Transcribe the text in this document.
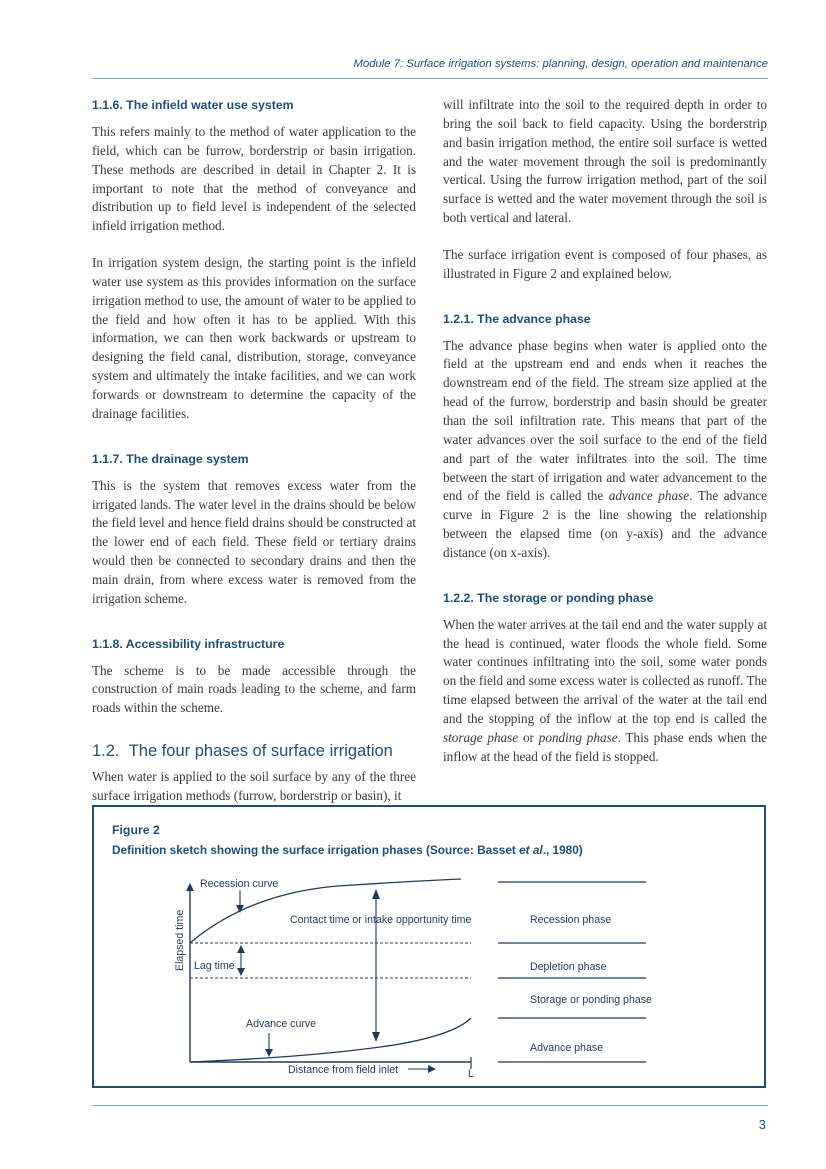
Module 7: Surface irrigation systems: planning, design, operation and maintenance
1.1.6. The infield water use system

This refers mainly to the method of water application to the field, which can be furrow, borderstrip or basin irrigation. These methods are described in detail in Chapter 2. It is important to note that the method of conveyance and distribution up to field level is independent of the selected infield irrigation method.

In irrigation system design, the starting point is the infield water use system as this provides information on the surface irrigation method to use, the amount of water to be applied to the field and how often it has to be applied. With this information, we can then work backwards or upstream to designing the field canal, distribution, storage, conveyance system and ultimately the intake facilities, and we can work forwards or downstream to determine the capacity of the drainage facilities.

1.1.7. The drainage system

This is the system that removes excess water from the irrigated lands. The water level in the drains should be below the field level and hence field drains should be constructed at the lower end of each field. These field or tertiary drains would then be connected to secondary drains and then the main drain, from where excess water is removed from the irrigation scheme.

1.1.8. Accessibility infrastructure

The scheme is to be made accessible through the construction of main roads leading to the scheme, and farm roads within the scheme.

1.2. The four phases of surface irrigation

When water is applied to the soil surface by any of the three surface irrigation methods (furrow, borderstrip or basin), it

will infiltrate into the soil to the required depth in order to bring the soil back to field capacity. Using the borderstrip and basin irrigation method, the entire soil surface is wetted and the water movement through the soil is predominantly vertical. Using the furrow irrigation method, part of the soil surface is wetted and the water movement through the soil is both vertical and lateral.

The surface irrigation event is composed of four phases, as illustrated in Figure 2 and explained below.

1.2.1. The advance phase

The advance phase begins when water is applied onto the field at the upstream end and ends when it reaches the downstream end of the field. The stream size applied at the head of the furrow, borderstrip and basin should be greater than the soil infiltration rate. This means that part of the water advances over the soil surface to the end of the field and part of the water infiltrates into the soil. The time between the start of irrigation and water advancement to the end of the field is called the advance phase. The advance curve in Figure 2 is the line showing the relationship between the elapsed time (on y-axis) and the advance distance (on x-axis).

1.2.2. The storage or ponding phase

When the water arrives at the tail end and the water supply at the head is continued, water floods the whole field. Some water continues infiltrating into the soil, some water ponds on the field and some excess water is collected as runoff. The time elapsed between the arrival of the water at the tail end and the stopping of the inflow at the top end is called the storage phase or ponding phase. This phase ends when the inflow at the head of the field is stopped.

Figure 2
Definition sketch showing the surface irrigation phases (Source: Basset et al., 1980)
Recession curve
Contact time or intake opportunity time
Lag time
Advance curve
Distance from field inlet	L
Elapsed time	Recession phase
Depletion phase
Storage or ponding phase
Advance phase
3
